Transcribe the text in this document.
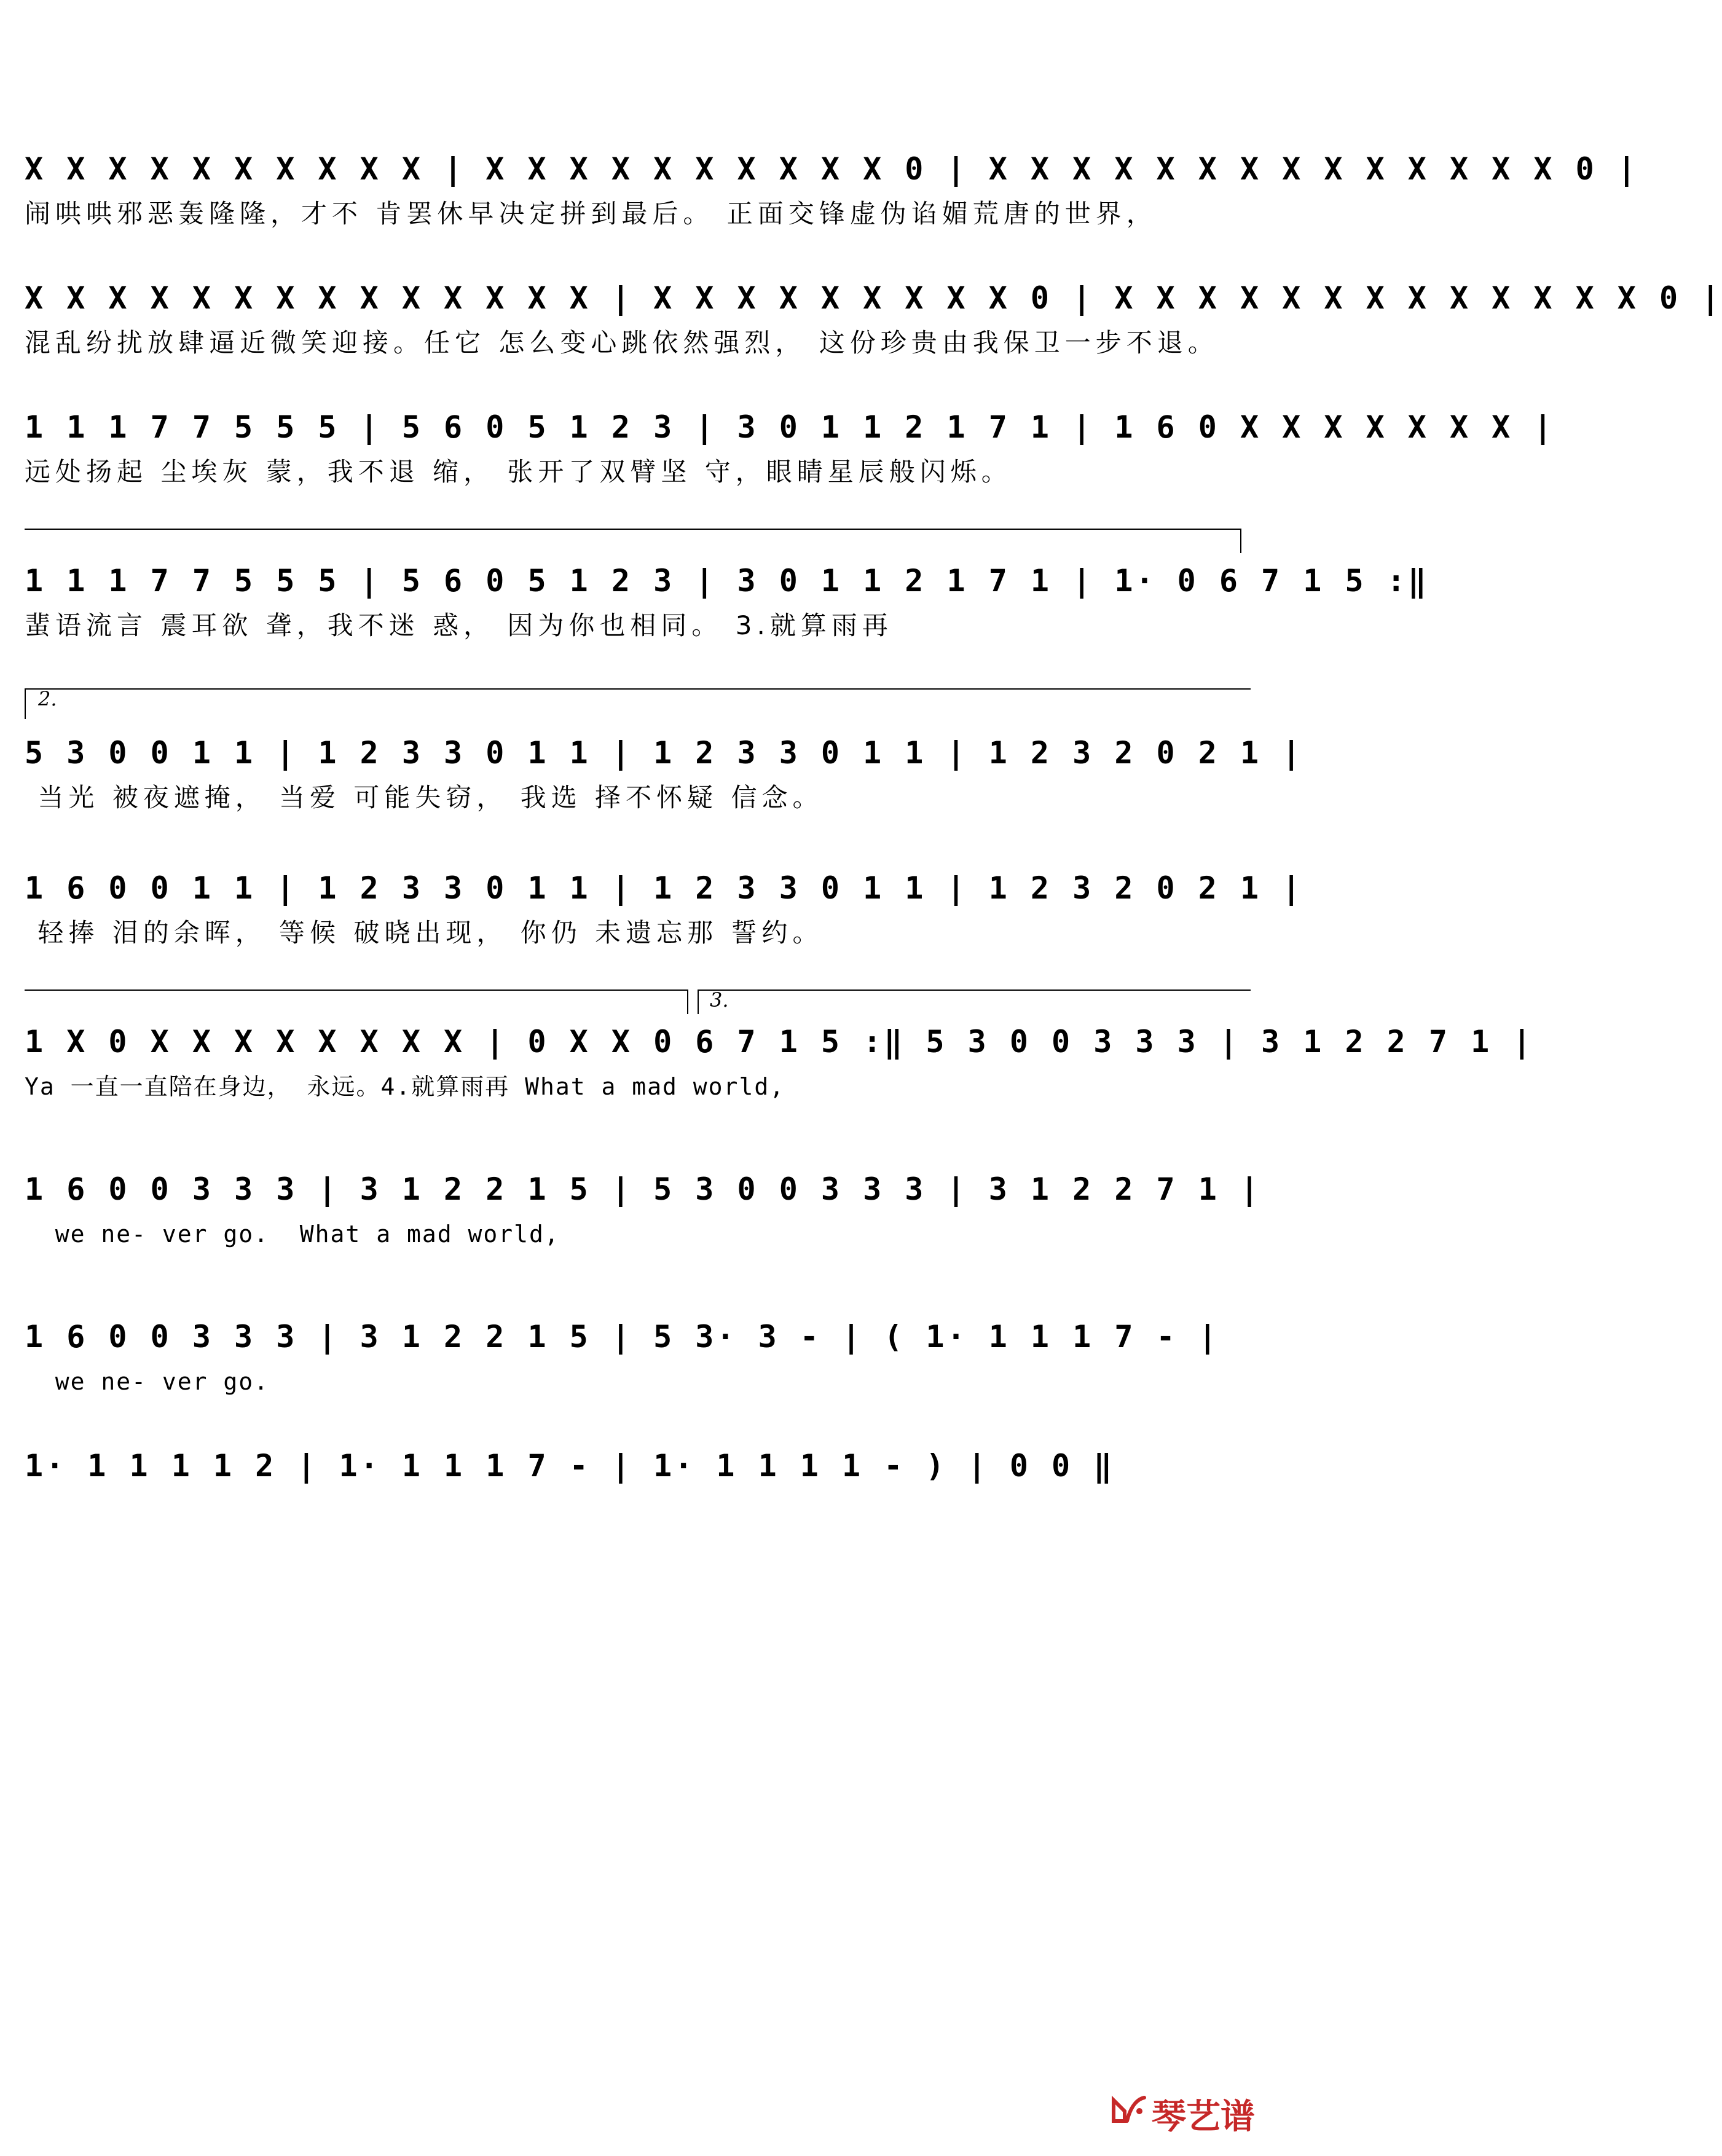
X X X X X X X X X X | X X X X X X X X X X 0 | X X X X X X X X X X X X X X 0 |
闹哄哄邪恶轰隆隆，才不 肯罢休早决定拼到最后。 正面交锋虚伪谄媚荒唐的世界，
X X X X X X X X X X X X X X | X X X X X X X X X 0 | X X X X X X X X X X X X X 0 |
混乱纷扰放肆逼近微笑迎接。任它 怎么变心跳依然强烈， 这份珍贵由我保卫一步不退。
1 1 1 7 7 5 5 5 | 5 6 0 5 1 2 3 | 3 0 1 1 2 1 7 1 | 1 6 0 X X X X X X X |
远处扬起 尘埃灰 蒙，我不退 缩， 张开了双臂坚 守，眼睛星辰般闪烁。
1 1 1 7 7 5 5 5 | 5 6 0 5 1 2 3 | 3 0 1 1 2 1 7 1 | 1· 0 6 7 1 5 :‖
蜚语流言 震耳欲 聋，我不迷 惑， 因为你也相同。 3.就算雨再
2.
5 3 0 0 1 1 | 1 2 3 3 0 1 1 | 1 2 3 3 0 1 1 | 1 2 3 2 0 2 1 |
当光 被夜遮掩， 当爱 可能失窃， 我选 择不怀疑 信念。
1 6 0 0 1 1 | 1 2 3 3 0 1 1 | 1 2 3 3 0 1 1 | 1 2 3 2 0 2 1 |
轻捧 泪的余晖， 等候 破晓出现， 你仍 未遗忘那 誓约。
3.
1 X 0 X X X X X X X X | 0 X X 0 6 7 1 5 :‖ 5 3 0 0 3 3 3 | 3 1 2 2 7 1 |
Ya 一直一直陪在身边， 永远。4.就算雨再 What a mad world,
1 6 0 0 3 3 3 | 3 1 2 2 1 5 | 5 3 0 0 3 3 3 | 3 1 2 2 7 1 |
we ne- ver go.  What a mad world,
1 6 0 0 3 3 3 | 3 1 2 2 1 5 | 5 3· 3 - | ( 1· 1 1 1 7 - |
we ne- ver go.
1· 1 1 1 1 2 | 1· 1 1 1 7 - | 1· 1 1 1 1 - ) | 0 0 ‖
琴艺谱
